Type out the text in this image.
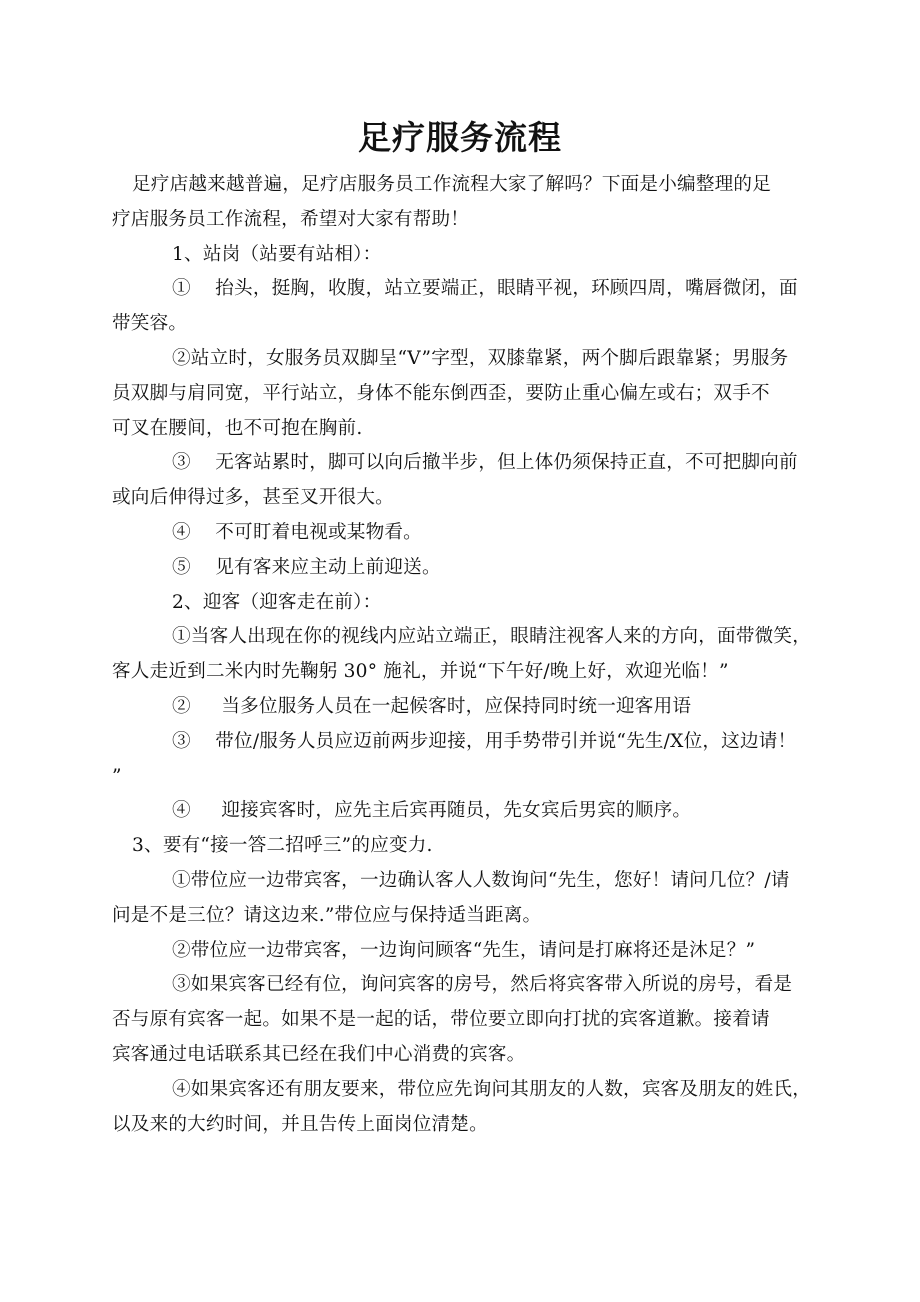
足疗服务流程
足疗店越来越普遍，足疗店服务员工作流程大家了解吗？下面是小编整理的足
疗店服务员工作流程，希望对大家有帮助！
1、站岗（站要有站相）：
①    抬头，挺胸，收腹，站立要端正，眼睛平视，环顾四周，嘴唇微闭，面
带笑容。
②站立时，女服务员双脚呈“V”字型，双膝靠紧，两个脚后跟靠紧；男服务
员双脚与肩同宽，平行站立，身体不能东倒西歪，要防止重心偏左或右；双手不
可叉在腰间，也不可抱在胸前.
③    无客站累时，脚可以向后撤半步，但上体仍须保持正直，不可把脚向前
或向后伸得过多，甚至叉开很大。
④    不可盯着电视或某物看。
⑤    见有客来应主动上前迎送。
2、迎客（迎客走在前）：
①当客人出现在你的视线内应站立端正，眼睛注视客人来的方向，面带微笑，
客人走近到二米内时先鞠躬 30° 施礼，并说“下午好/晚上好，欢迎光临！”
②     当多位服务人员在一起候客时，应保持同时统一迎客用语
③    带位/服务人员应迈前两步迎接，用手势带引并说“先生/X位，这边请！
”
④     迎接宾客时，应先主后宾再随员，先女宾后男宾的顺序。
3、要有“接一答二招呼三”的应变力.
①带位应一边带宾客，一边确认客人人数询问“先生，您好！请问几位？/请
问是不是三位？请这边来.”带位应与保持适当距离。
②带位应一边带宾客，一边询问顾客“先生，请问是打麻将还是沐足？”
③如果宾客已经有位，询问宾客的房号，然后将宾客带入所说的房号，看是
否与原有宾客一起。如果不是一起的话，带位要立即向打扰的宾客道歉。接着请
宾客通过电话联系其已经在我们中心消费的宾客。
④如果宾客还有朋友要来，带位应先询问其朋友的人数，宾客及朋友的姓氏，
以及来的大约时间，并且告传上面岗位清楚。
